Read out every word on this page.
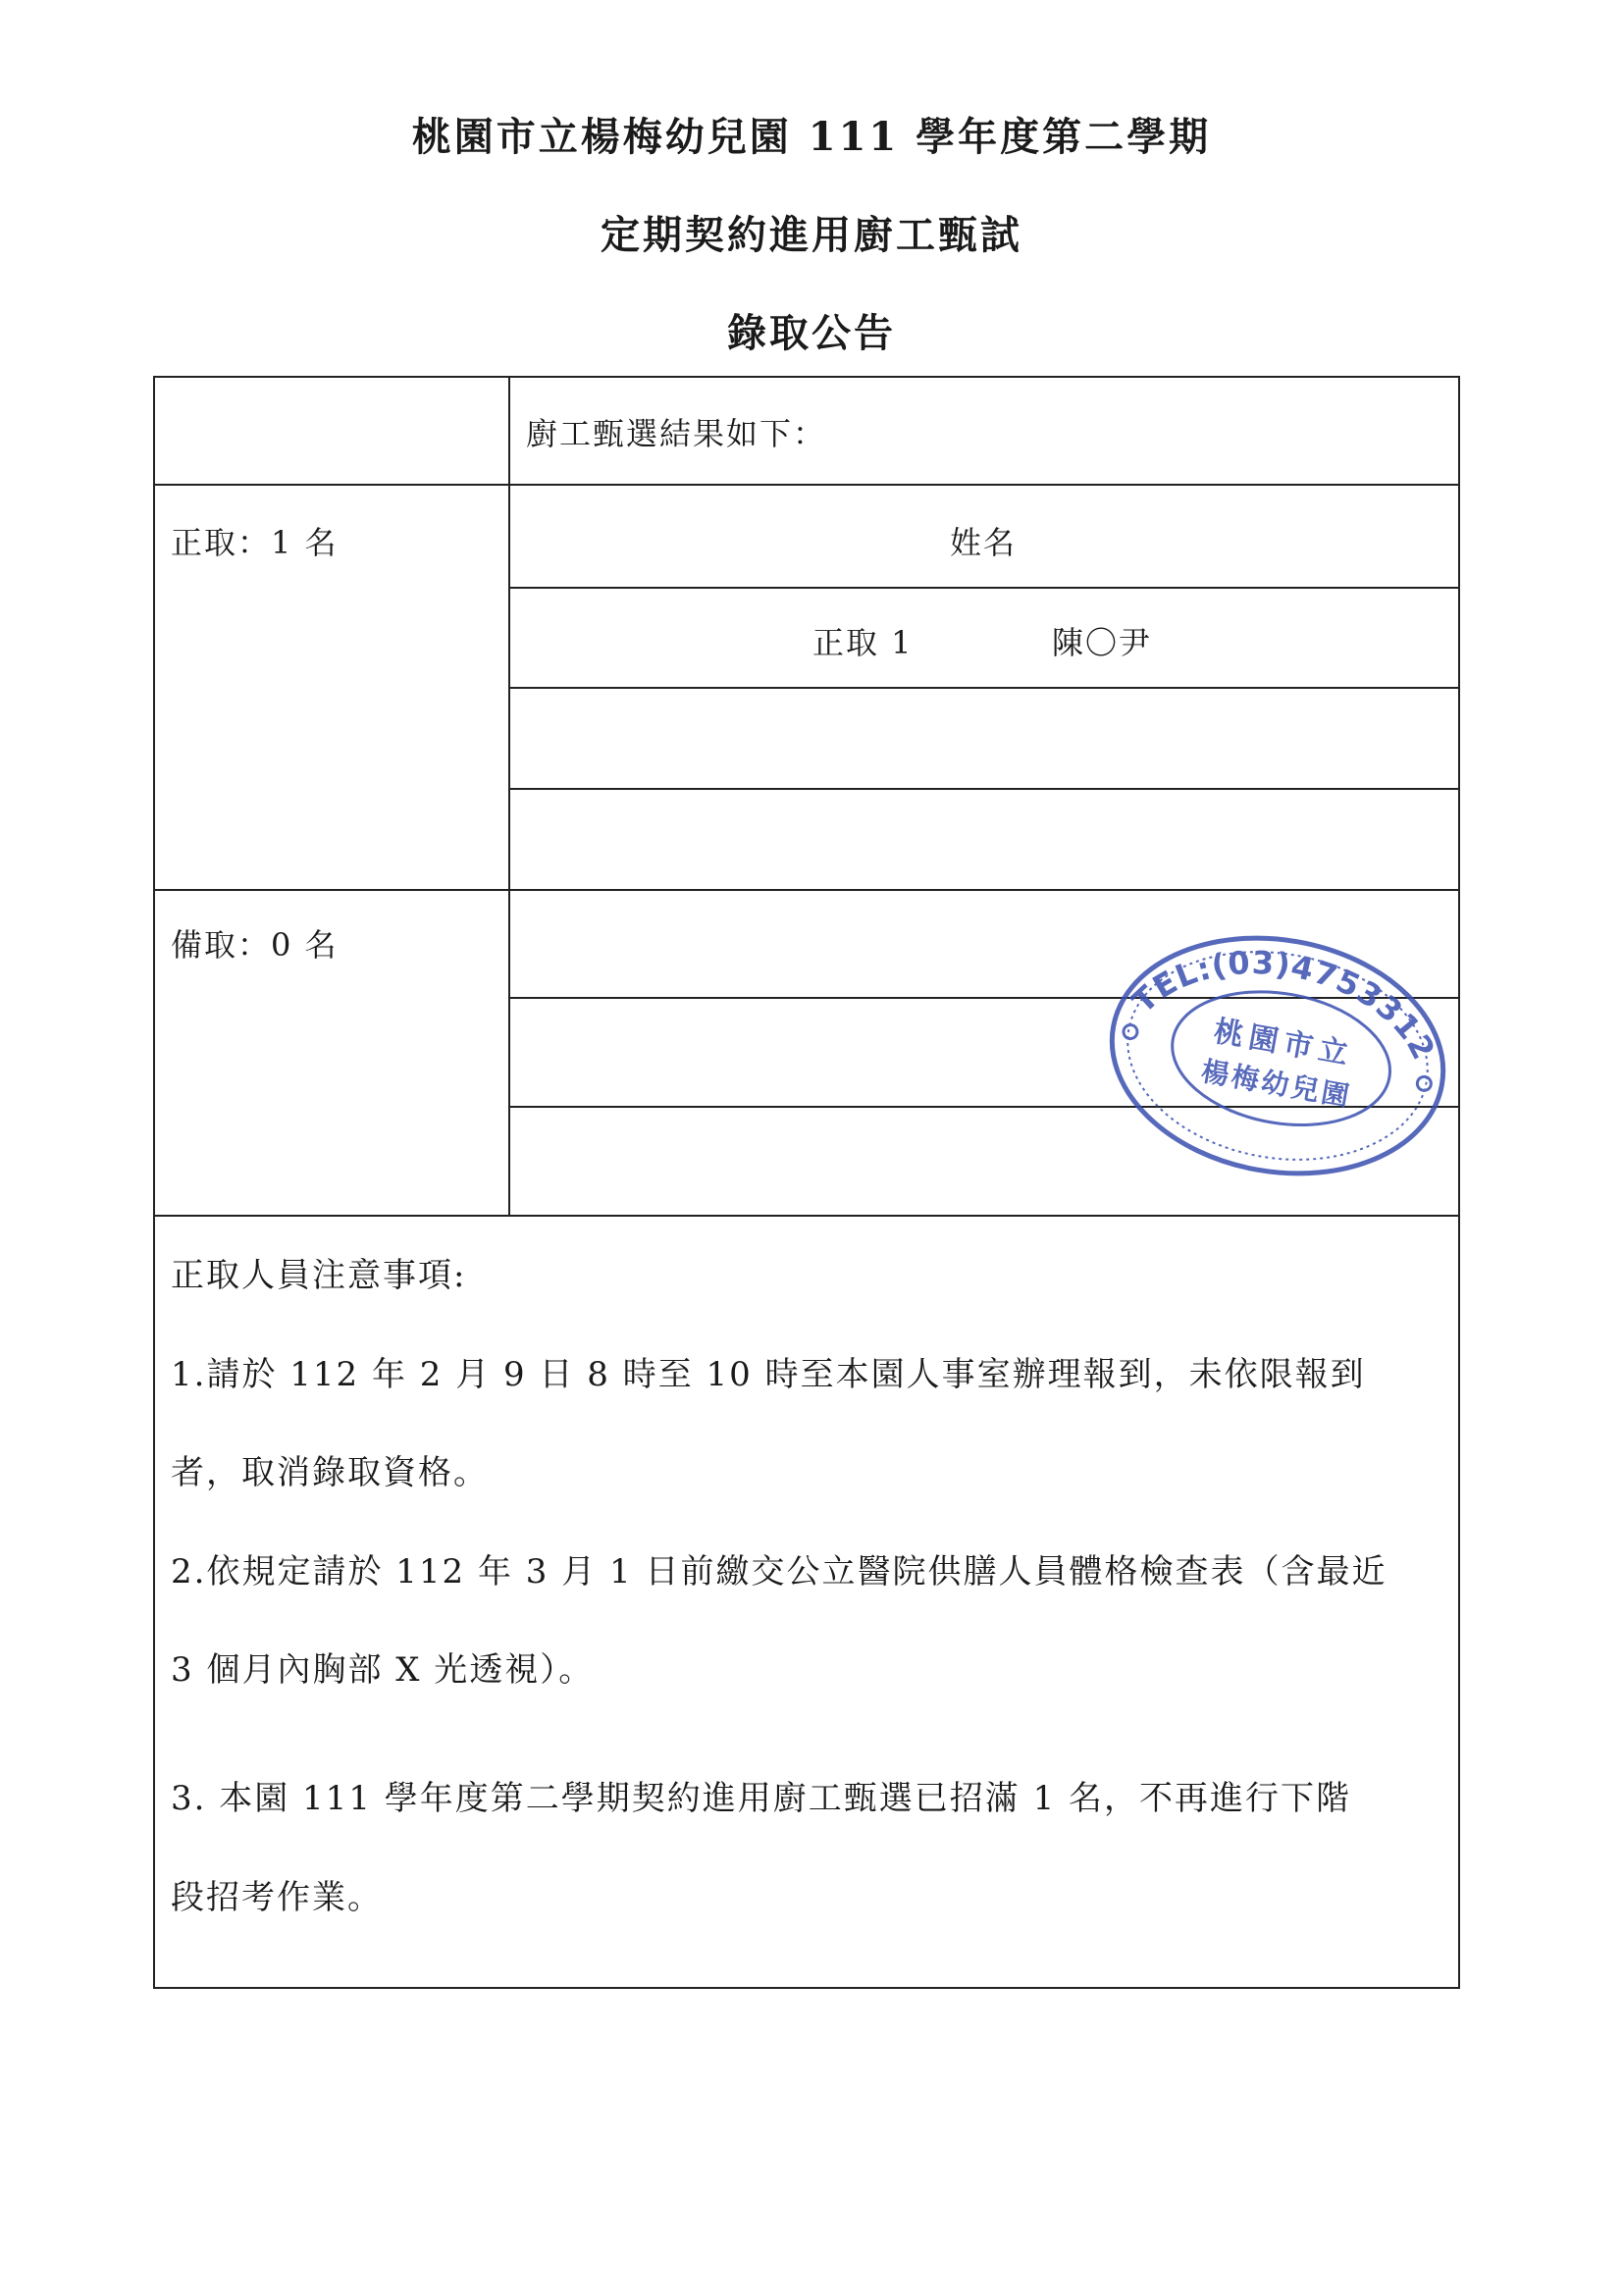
桃園市立楊梅幼兒園 111 學年度第二學期
定期契約進用廚工甄試
錄取公告
廚工甄選結果如下：
正取：1 名	姓名
正取 1	陳〇尹
備取：0 名
正取人員注意事項:
1.請於 112 年 2 月 9 日 8 時至 10 時至本園人事室辦理報到，未依限報到
者，取消錄取資格。
2.依規定請於 112 年 3 月 1 日前繳交公立醫院供膳人員體格檢查表（含最近
3 個月內胸部 X 光透視）。
3. 本園 111 學年度第二學期契約進用廚工甄選已招滿 1 名，不再進行下階
段招考作業。
TEL:(03)4753312
桃園市立
楊梅幼兒園
